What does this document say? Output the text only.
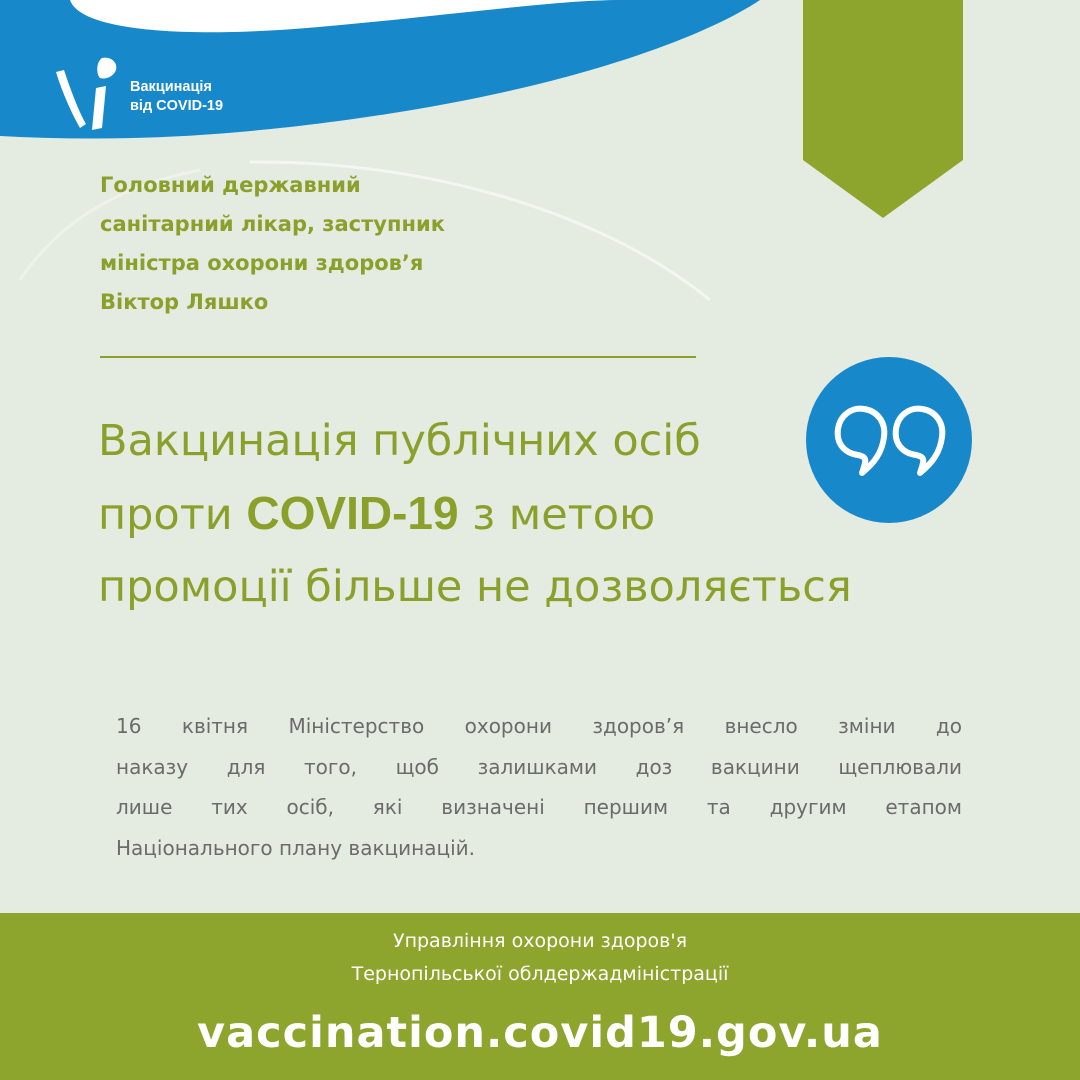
Вакцинація
від COVID-19
Головний державний
санітарний лікар, заступник
міністра охорони здоров’я
Віктор Ляшко
Вакцинація публічних осіб
проти COVID-19 з метою
промоції більше не дозволяється
16 квітня Міністерство охорони здоров’я внесло зміни до
наказу для того, щоб залишками доз вакцини щеплювали
лише тих осіб, які визначені першим та другим етапом
Національного плану вакцинацій.
Управління охорони здоров'я
Тернопільської облдержадміністрації
vaccination.covid19.gov.ua
